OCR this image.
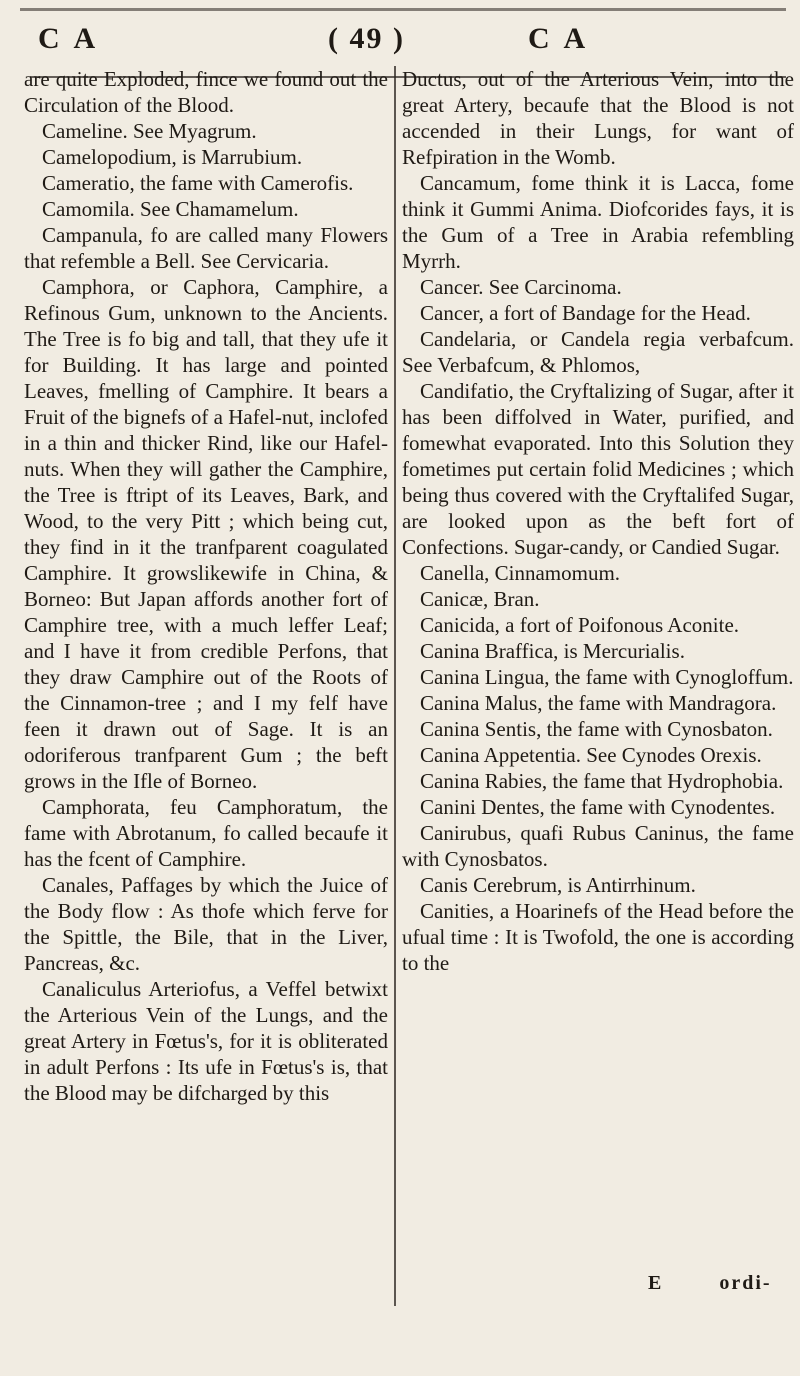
C A	( 49 )	C A

are quite Exploded, fince we found out the Circulation of the Blood.

Cameline. See Myagrum.

Camelopodium, is Marrubium.

Cameratio, the fame with Camerofis.

Camomila. See Chamamelum.

Campanula, fo are called many Flowers that refemble a Bell. See Cervicaria.

Camphora, or Caphora, Camphire, a Refinous Gum, unknown to the Ancients. The Tree is fo big and tall, that they ufe it for Building. It has large and pointed Leaves, fmelling of Camphire. It bears a Fruit of the bignefs of a Hafel-nut, inclofed in a thin and thicker Rind, like our Hafel-nuts. When they will gather the Camphire, the Tree is ftript of its Leaves, Bark, and Wood, to the very Pitt ; which being cut, they find in it the tranfparent coagulated Camphire. It growslikewife in China, & Borneo: But Japan affords another fort of Camphire tree, with a much leffer Leaf; and I have it from credible Perfons, that they draw Camphire out of the Roots of the Cinnamon-tree ; and I my felf have feen it drawn out of Sage. It is an odoriferous tranfparent Gum ; the beft grows in the Ifle of Borneo.

Camphorata, feu Camphoratum, the fame with Abrotanum, fo called becaufe it has the fcent of Camphire.

Canales, Paffages by which the Juice of the Body flow : As thofe which ferve for the Spittle, the Bile, that in the Liver, Pancreas, &c.

Canaliculus Arteriofus, a Veffel betwixt the Arterious Vein of the Lungs, and the great Artery in Fœtus's, for it is obliterated in adult Perfons : Its ufe in Fœtus's is, that the Blood may be difcharged by this

Ductus, out of the Arterious Vein, into the great Artery, becaufe that the Blood is not accended in their Lungs, for want of Refpiration in the Womb.

Cancamum, fome think it is Lacca, fome think it Gummi Anima. Diofcorides fays, it is the Gum of a Tree in Arabia refembling Myrrh.

Cancer. See Carcinoma.

Cancer, a fort of Bandage for the Head.

Candelaria, or Candela regia verbafcum. See Verbafcum, & Phlomos,

Candifatio, the Cryftalizing of Sugar, after it has been diffolved in Water, purified, and fomewhat evaporated. Into this Solution they fometimes put certain folid Medicines ; which being thus covered with the Cryftalifed Sugar, are looked upon as the beft fort of Confections. Sugar-candy, or Candied Sugar.

Canella, Cinnamomum.

Canicæ, Bran.

Canicida, a fort of Poifonous Aconite.

Canina Braffica, is Mercurialis.

Canina Lingua, the fame with Cynogloffum.

Canina Malus, the fame with Mandragora.

Canina Sentis, the fame with Cynosbaton.

Canina Appetentia. See Cynodes Orexis.

Canina Rabies, the fame that Hydrophobia.

Canini Dentes, the fame with Cynodentes.

Canirubus, quafi Rubus Caninus, the fame with Cynosbatos.

Canis Cerebrum, is Antirrhinum.

Canities, a Hoarinefs of the Head before the ufual time : It is Twofold, the one is according to the

E	ordi-
